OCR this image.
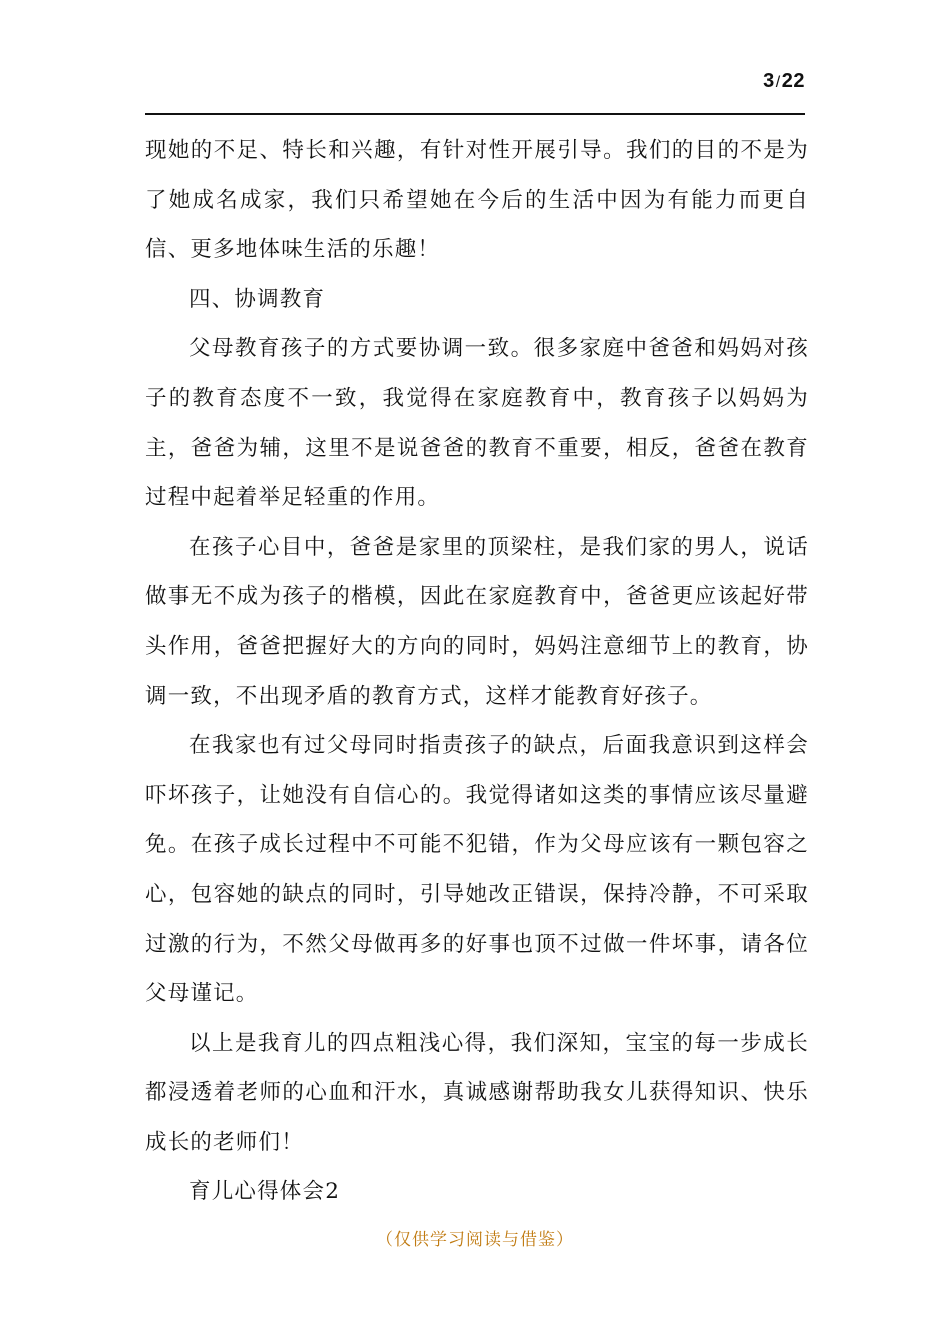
3/22

现她的不足、特长和兴趣，有针对性开展引导。我们的目的不是为了她成名成家，我们只希望她在今后的生活中因为有能力而更自信、更多地体味生活的乐趣！

四、协调教育

父母教育孩子的方式要协调一致。很多家庭中爸爸和妈妈对孩子的教育态度不一致，我觉得在家庭教育中，教育孩子以妈妈为主，爸爸为辅，这里不是说爸爸的教育不重要，相反，爸爸在教育过程中起着举足轻重的作用。

在孩子心目中，爸爸是家里的顶梁柱，是我们家的男人，说话做事无不成为孩子的楷模，因此在家庭教育中，爸爸更应该起好带头作用，爸爸把握好大的方向的同时，妈妈注意细节上的教育，协调一致，不出现矛盾的教育方式，这样才能教育好孩子。

在我家也有过父母同时指责孩子的缺点，后面我意识到这样会吓坏孩子，让她没有自信心的。我觉得诸如这类的事情应该尽量避免。在孩子成长过程中不可能不犯错，作为父母应该有一颗包容之心，包容她的缺点的同时，引导她改正错误，保持冷静，不可采取过激的行为，不然父母做再多的好事也顶不过做一件坏事，请各位父母谨记。

以上是我育儿的四点粗浅心得，我们深知，宝宝的每一步成长都浸透着老师的心血和汗水，真诚感谢帮助我女儿获得知识、快乐成长的老师们！

育儿心得体会2

（仅供学习阅读与借鉴）
